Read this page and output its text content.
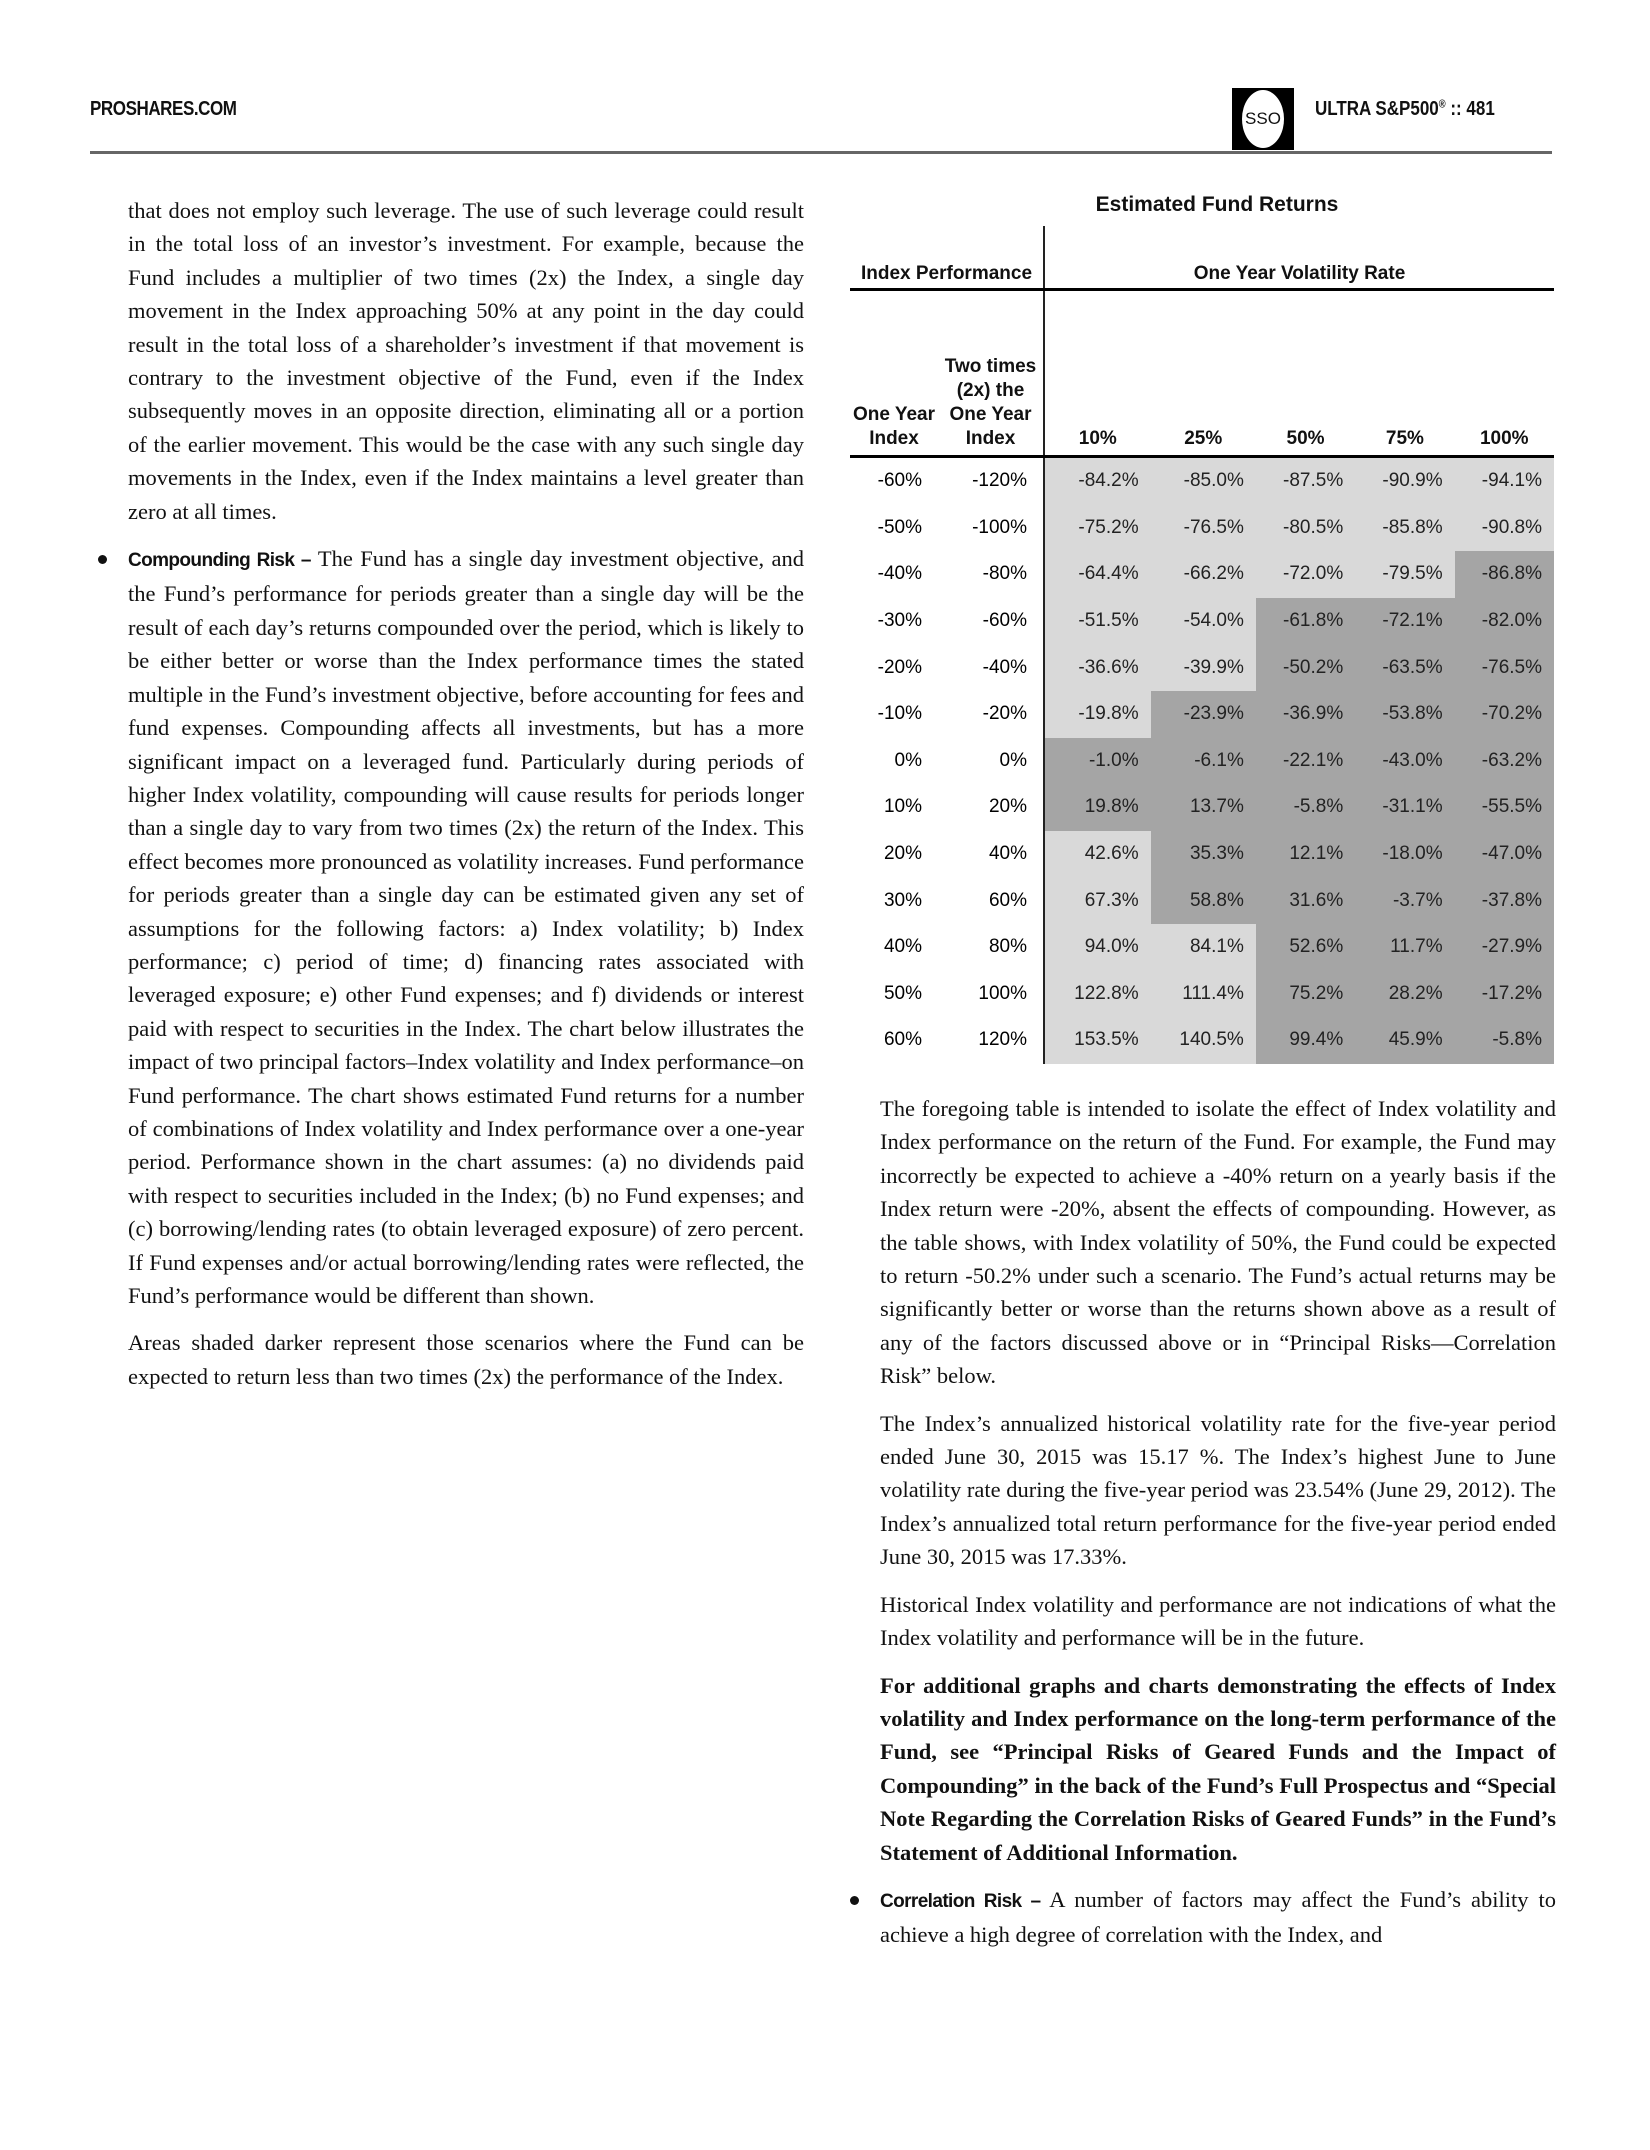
PROSHARES.COM	SSO ULTRA S&P500® :: 481

that does not employ such leverage. The use of such leverage could result in the total loss of an investor’s investment. For example, because the Fund includes a multiplier of two times (2x) the Index, a single day movement in the Index approaching 50% at any point in the day could result in the total loss of a shareholder’s investment if that movement is contrary to the investment objective of the Fund, even if the Index subsequently moves in an opposite direction, eliminating all or a portion of the earlier movement. This would be the case with any such single day movements in the Index, even if the Index maintains a level greater than zero at all times.

Compounding Risk – The Fund has a single day investment objective, and the Fund’s performance for periods greater than a single day will be the result of each day’s returns compounded over the period, which is likely to be either better or worse than the Index performance times the stated multiple in the Fund’s investment objective, before accounting for fees and fund expenses. Compounding affects all investments, but has a more significant impact on a leveraged fund. Particularly during periods of higher Index volatility, compounding will cause results for periods longer than a single day to vary from two times (2x) the return of the Index. This effect becomes more pronounced as volatility increases. Fund performance for periods greater than a single day can be estimated given any set of assumptions for the following factors: a) Index volatility; b) Index performance; c) period of time; d) financing rates associated with leveraged exposure; e) other Fund expenses; and f) dividends or interest paid with respect to securities in the Index. The chart below illustrates the impact of two principal factors–Index volatility and Index performance–on Fund performance. The chart shows estimated Fund returns for a number of combinations of Index volatility and Index performance over a one-year period. Performance shown in the chart assumes: (a) no dividends paid with respect to securities included in the Index; (b) no Fund expenses; and (c) borrowing/lending rates (to obtain leveraged exposure) of zero percent. If Fund expenses and/or actual borrowing/lending rates were reflected, the Fund’s performance would be different than shown.

Areas shaded darker represent those scenarios where the Fund can be expected to return less than two times (2x) the performance of the Index.

Estimated Fund Returns
Index Performance		One Year Volatility Rate				
One Year Index	Two times (2x) the One Year Index	10%	25%	50%	75%	100%
-60%	-120%	-84.2%	-85.0%	-87.5%	-90.9%	-94.1%
-50%	-100%	-75.2%	-76.5%	-80.5%	-85.8%	-90.8%
-40%	-80%	-64.4%	-66.2%	-72.0%	-79.5%	-86.8%
-30%	-60%	-51.5%	-54.0%	-61.8%	-72.1%	-82.0%
-20%	-40%	-36.6%	-39.9%	-50.2%	-63.5%	-76.5%
-10%	-20%	-19.8%	-23.9%	-36.9%	-53.8%	-70.2%
0%	0%	-1.0%	-6.1%	-22.1%	-43.0%	-63.2%
10%	20%	19.8%	13.7%	-5.8%	-31.1%	-55.5%
20%	40%	42.6%	35.3%	12.1%	-18.0%	-47.0%
30%	60%	67.3%	58.8%	31.6%	-3.7%	-37.8%
40%	80%	94.0%	84.1%	52.6%	11.7%	-27.9%
50%	100%	122.8%	111.4%	75.2%	28.2%	-17.2%
60%	120%	153.5%	140.5%	99.4%	45.9%	-5.8%

The foregoing table is intended to isolate the effect of Index volatility and Index performance on the return of the Fund. For example, the Fund may incorrectly be expected to achieve a -40% return on a yearly basis if the Index return were -20%, absent the effects of compounding. However, as the table shows, with Index volatility of 50%, the Fund could be expected to return -50.2% under such a scenario. The Fund’s actual returns may be significantly better or worse than the returns shown above as a result of any of the factors discussed above or in “Principal Risks—Correlation Risk” below.

The Index’s annualized historical volatility rate for the five-year period ended June 30, 2015 was 15.17 %. The Index’s highest June to June volatility rate during the five-year period was 23.54% (June 29, 2012). The Index’s annualized total return performance for the five-year period ended June 30, 2015 was 17.33%.

Historical Index volatility and performance are not indications of what the Index volatility and performance will be in the future.

For additional graphs and charts demonstrating the effects of Index volatility and Index performance on the long-term performance of the Fund, see “Principal Risks of Geared Funds and the Impact of Compounding” in the back of the Fund’s Full Prospectus and “Special Note Regarding the Correlation Risks of Geared Funds” in the Fund’s Statement of Additional Information.

Correlation Risk – A number of factors may affect the Fund’s ability to achieve a high degree of correlation with the Index, and
